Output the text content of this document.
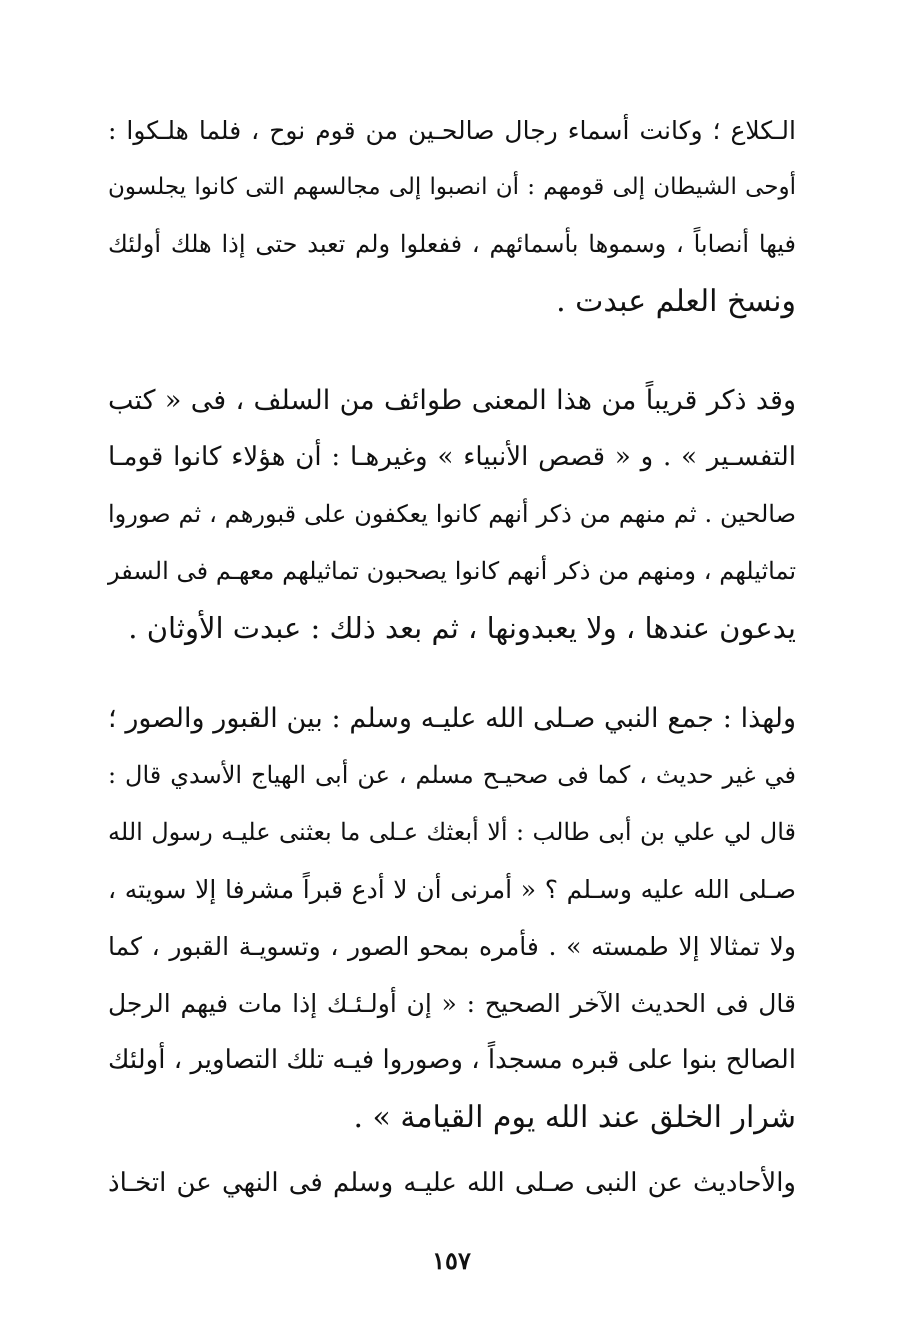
الـكلاع ؛ وكانت أسماء رجال صالحـين من قوم نوح ، فلما هلـكوا :
أوحى الشيطان إلى قومهم : أن انصبوا إلى مجالسهم التى كانوا يجلسون
فيها أنصاباً ، وسموها بأسمائهم ، ففعلوا ولم تعبد حتى إذا هلك أولئك
ونسخ العلم عبدت .

وقد ذكر قريباً من هذا المعنى طوائف من السلف ، فى « كتب
التفسـير » . و « قصص الأنبياء » وغيرهـا : أن هؤلاء كانوا قومـا
صالحين . ثم منهم من ذكر أنهم كانوا يعكفون على قبورهم ، ثم صوروا
تماثيلهم ، ومنهم من ذكر أنهم كانوا يصحبون تماثيلهم معهـم فى السفر
يدعون عندها ، ولا يعبدونها ، ثم بعد ذلك : عبدت الأوثان .

ولهذا : جمع النبي صـلى الله عليـه وسلم : بين القبور والصور ؛
في غير حديث ، كما فى صحيـح مسلم ، عن أبى الهياج الأسدي قال :
قال لي علي بن أبى طالب : ألا أبعثك عـلى ما بعثنى عليـه رسول الله
صـلى الله عليه وسـلم ؟ « أمرنى أن لا أدع قبراً مشرفا إلا سويته ،
ولا تمثالا إلا طمسته » . فأمره بمحو الصور ، وتسويـة القبور ، كما
قال فى الحديث الآخر الصحيح : « إن أولـئـك إذا مات فيهم الرجل
الصالح بنوا على قبره مسجداً ، وصوروا فيـه تلك التصاوير ، أولئك
شرار الخلق عند الله يوم القيامة » .

والأحاديث عن النبى صـلى الله عليـه وسلم فى النهي عن اتخـاذ

١٥٧
